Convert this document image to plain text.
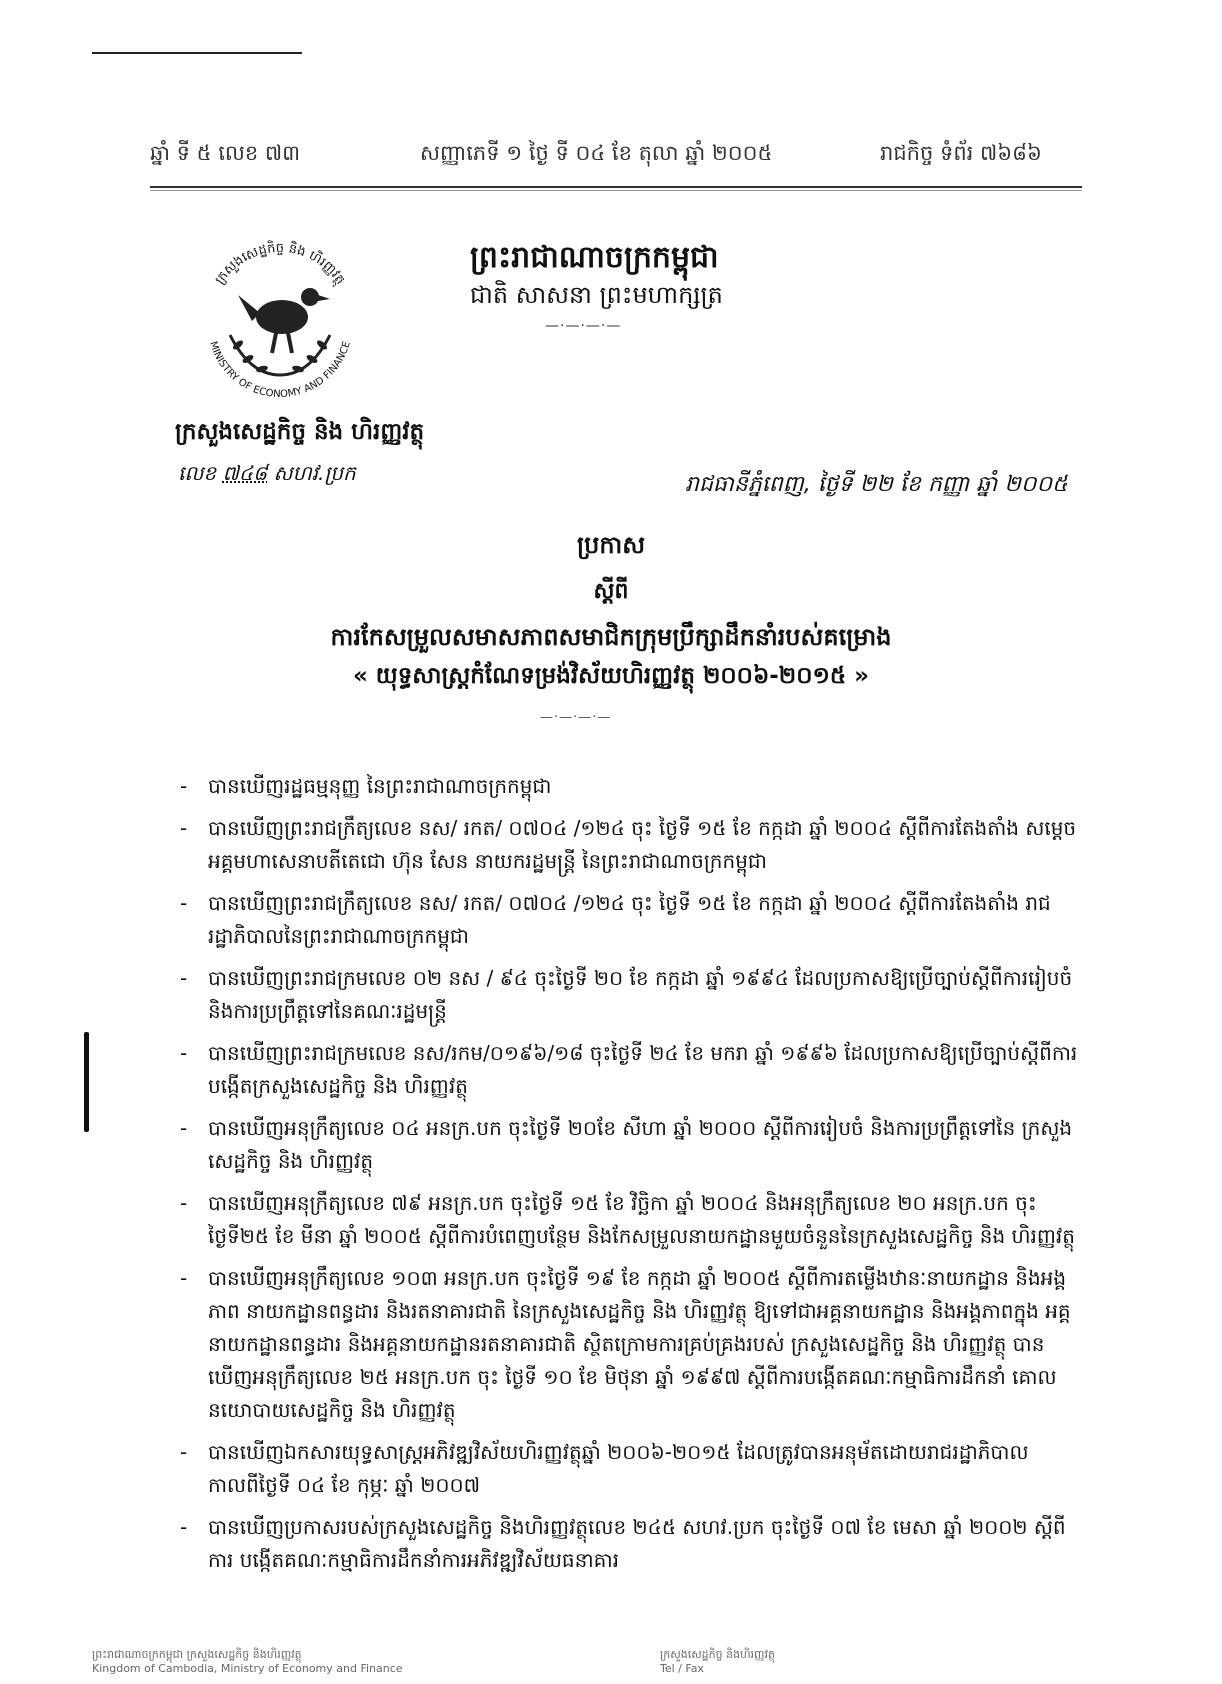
ឆ្នាំ ទី ៥ លេខ ៧៣	សញ្ញាភេទី ១ ថ្ងៃ ទី ០៤ ខែ តុលា ឆ្នាំ ២០០៥	រាជកិច្ច ទំព័រ ៧៦៨៦
ក្រសួងសេដ្ឋកិច្ច និង ហិរញ្ញវត្ថុ
MINISTRY OF ECONOMY AND FINANCE
ព្រះរាជាណាចក្រកម្ពុជា
ជាតិ សាសនា ព្រះមហាក្សត្រ
—·—·—·—
ក្រសួងសេដ្ឋកិច្ច និង ហិរញ្ញវត្ថុ
លេខ ៧៤៨ សហវ.ប្រក	រាជធានីភ្នំពេញ, ថ្ងៃទី ២២ ខែ កញ្ញា ឆ្នាំ ២០០៥
ប្រកាស
ស្តីពី
ការកែសម្រួលសមាសភាពសមាជិកក្រុមប្រឹក្សាដឹកនាំរបស់គម្រោង
« យុទ្ធសាស្ត្រកំណែទម្រង់វិស័យហិរញ្ញវត្ថុ ២០០៦-២០១៥ »
—·—·—·—
- បានឃើញរដ្ឋធម្មនុញ្ញ នៃព្រះរាជាណាចក្រកម្ពុជា
- បានឃើញព្រះរាជក្រឹត្យលេខ នស/ រកត/ ០៧០៤ /១២៤ ចុះ ថ្ងៃទី ១៥ ខែ កក្កដា ឆ្នាំ ២០០៤ ស្តីពីការតែងតាំង សម្តេចអគ្គមហាសេនាបតីតេជោ ហ៊ុន សែន នាយករដ្ឋមន្ត្រី នៃព្រះរាជាណាចក្រកម្ពុជា
- បានឃើញព្រះរាជក្រឹត្យលេខ នស/ រកត/ ០៧០៤ /១២៤ ចុះ ថ្ងៃទី ១៥ ខែ កក្កដា ឆ្នាំ ២០០៤ ស្តីពីការតែងតាំង រាជរដ្ឋាភិបាលនៃព្រះរាជាណាចក្រកម្ពុជា
- បានឃើញព្រះរាជក្រមលេខ ០២ នស / ៩៤ ចុះថ្ងៃទី ២០ ខែ កក្កដា ឆ្នាំ ១៩៩៤ ដែលប្រកាសឱ្យប្រើច្បាប់ស្តីពីការរៀបចំ និងការប្រព្រឹត្តទៅនៃគណៈរដ្ឋមន្ត្រី
- បានឃើញព្រះរាជក្រមលេខ នស/រកម/០១៩៦/១៨ ចុះថ្ងៃទី ២៤ ខែ មករា ឆ្នាំ ១៩៩៦ ដែលប្រកាសឱ្យប្រើច្បាប់ស្តីពីការបង្កើតក្រសួងសេដ្ឋកិច្ច និង ហិរញ្ញវត្ថុ
- បានឃើញអនុក្រឹត្យលេខ ០៤ អនក្រ.បក ចុះថ្ងៃទី ២០ខែ សីហា ឆ្នាំ ២០០០ ស្តីពីការរៀបចំ និងការប្រព្រឹត្តទៅនៃ ក្រសួងសេដ្ឋកិច្ច និង ហិរញ្ញវត្ថុ
- បានឃើញអនុក្រឹត្យលេខ ៧៩ អនក្រ.បក ចុះថ្ងៃទី ១៥ ខែ វិច្ឆិកា ឆ្នាំ ២០០៤ និងអនុក្រឹត្យលេខ ២០ អនក្រ.បក ចុះ ថ្ងៃទី២៥ ខែ មីនា ឆ្នាំ ២០០៥ ស្តីពីការបំពេញបន្ថែម និងកែសម្រួលនាយកដ្ឋានមួយចំនួននៃក្រសួងសេដ្ឋកិច្ច និង ហិរញ្ញវត្ថុ
- បានឃើញអនុក្រឹត្យលេខ ១០៣ អនក្រ.បក ចុះថ្ងៃទី ១៩ ខែ កក្កដា ឆ្នាំ ២០០៥ ស្តីពីការតម្លើងឋានៈនាយកដ្ឋាន និងអង្គភាព នាយកដ្ឋានពន្ធដារ និងរតនាគារជាតិ នៃក្រសួងសេដ្ឋកិច្ច និង ហិរញ្ញវត្ថុ ឱ្យទៅជាអគ្គនាយកដ្ឋាន និងអង្គភាពក្នុង អគ្គនាយកដ្ឋានពន្ធដារ និងអគ្គនាយកដ្ឋានរតនាគារជាតិ ស្ថិតក្រោមការគ្រប់គ្រងរបស់ ក្រសួងសេដ្ឋកិច្ច និង ហិរញ្ញវត្ថុ បានឃើញអនុក្រឹត្យលេខ ២៥ អនក្រ.បក ចុះ ថ្ងៃទី ១០ ខែ មិថុនា ឆ្នាំ ១៩៩៧ ស្តីពីការបង្កើតគណៈកម្មាធិការដឹកនាំ គោលនយោបាយសេដ្ឋកិច្ច និង ហិរញ្ញវត្ថុ
- បានឃើញឯកសារយុទ្ធសាស្ត្រអភិវឌ្ឍវិស័យហិរញ្ញវត្ថុឆ្នាំ ២០០៦-២០១៥ ដែលត្រូវបានអនុម័តដោយរាជរដ្ឋាភិបាល កាលពីថ្ងៃទី ០៤ ខែ កុម្ភៈ ឆ្នាំ ២០០៧
- បានឃើញប្រកាសរបស់ក្រសួងសេដ្ឋកិច្ច និងហិរញ្ញវត្ថុលេខ ២៤៥ សហវ.ប្រក ចុះថ្ងៃទី ០៧ ខែ មេសា ឆ្នាំ ២០០២ ស្តីពីការ បង្កើតគណៈកម្មាធិការដឹកនាំការអភិវឌ្ឍវិស័យធនាគារ
ព្រះរាជាណាចក្រកម្ពុជា ក្រសួងសេដ្ឋកិច្ច និងហិរញ្ញវត្ថុ
Kingdom of Cambodia, Ministry of Economy and Finance
ក្រសួងសេដ្ឋកិច្ច និងហិរញ្ញវត្ថុ
Tel / Fax
